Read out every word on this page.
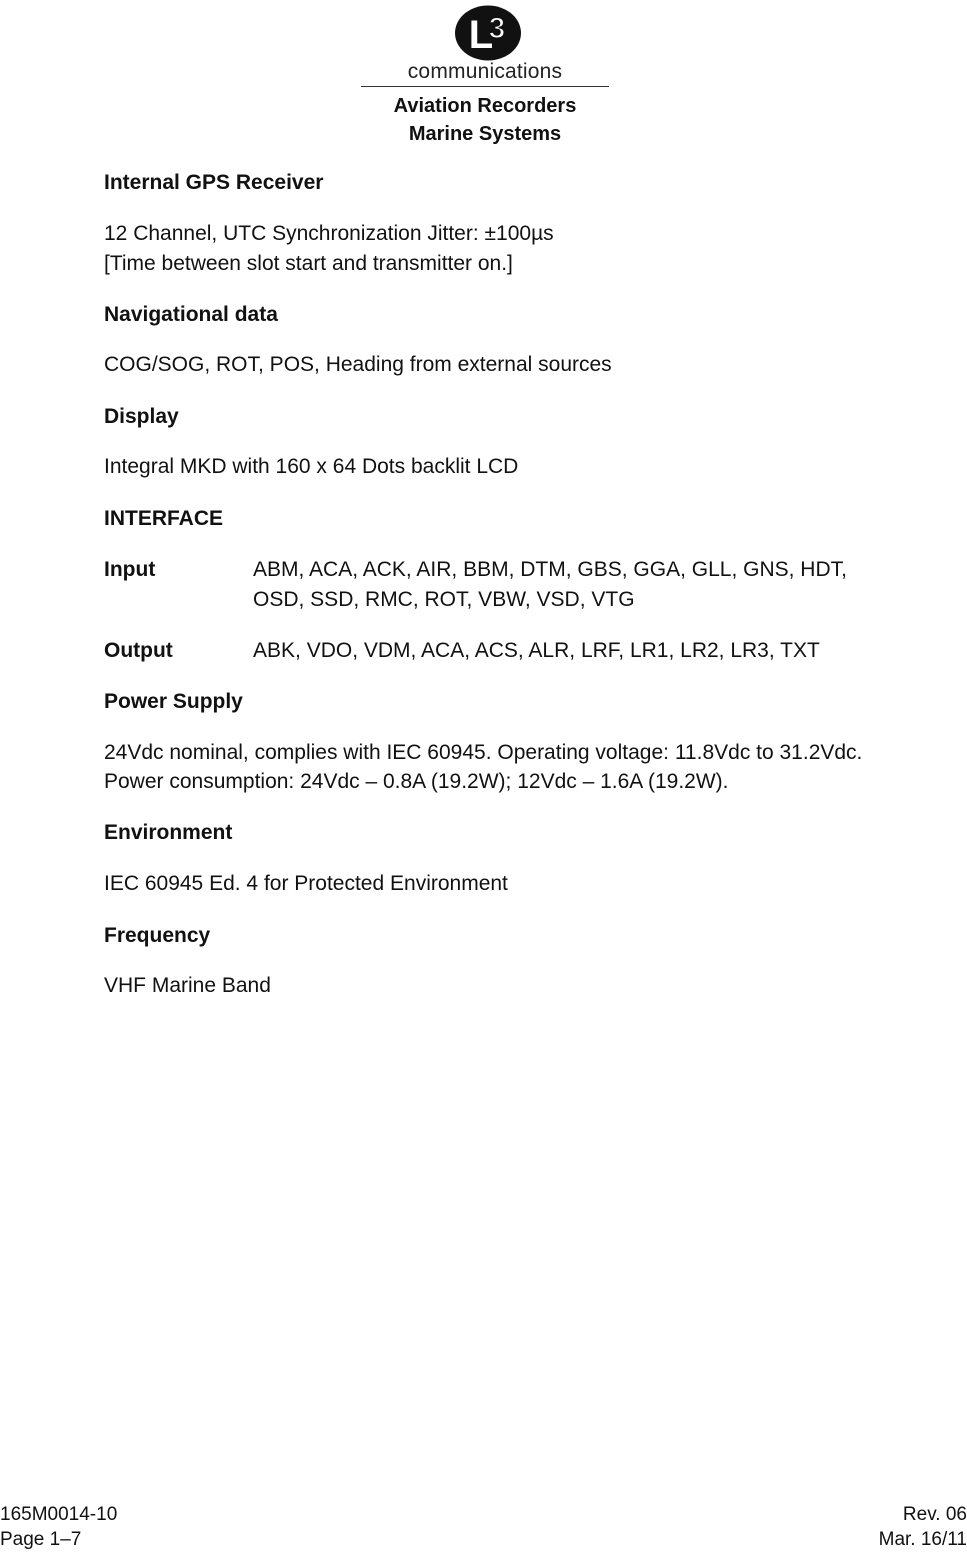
L
3
communications
Aviation Recorders
Marine Systems
Internal GPS Receiver
12 Channel, UTC Synchronization Jitter: ±100µs
[Time between slot start and transmitter on.]
Navigational data
COG/SOG, ROT, POS, Heading from external sources
Display
Integral MKD with 160 x 64 Dots backlit LCD
INTERFACE
Input	ABM, ACA, ACK, AIR, BBM, DTM, GBS, GGA, GLL, GNS, HDT,
OSD, SSD, RMC, ROT, VBW, VSD, VTG
Output	ABK, VDO, VDM, ACA, ACS, ALR, LRF, LR1, LR2, LR3, TXT
Power Supply
24Vdc nominal, complies with IEC 60945. Operating voltage: 11.8Vdc to 31.2Vdc.
Power consumption: 24Vdc – 0.8A (19.2W); 12Vdc – 1.6A (19.2W).
Environment
IEC 60945 Ed. 4 for Protected Environment
Frequency
VHF Marine Band
165M0014-10
Page 1–7
Rev. 06
Mar. 16/11
